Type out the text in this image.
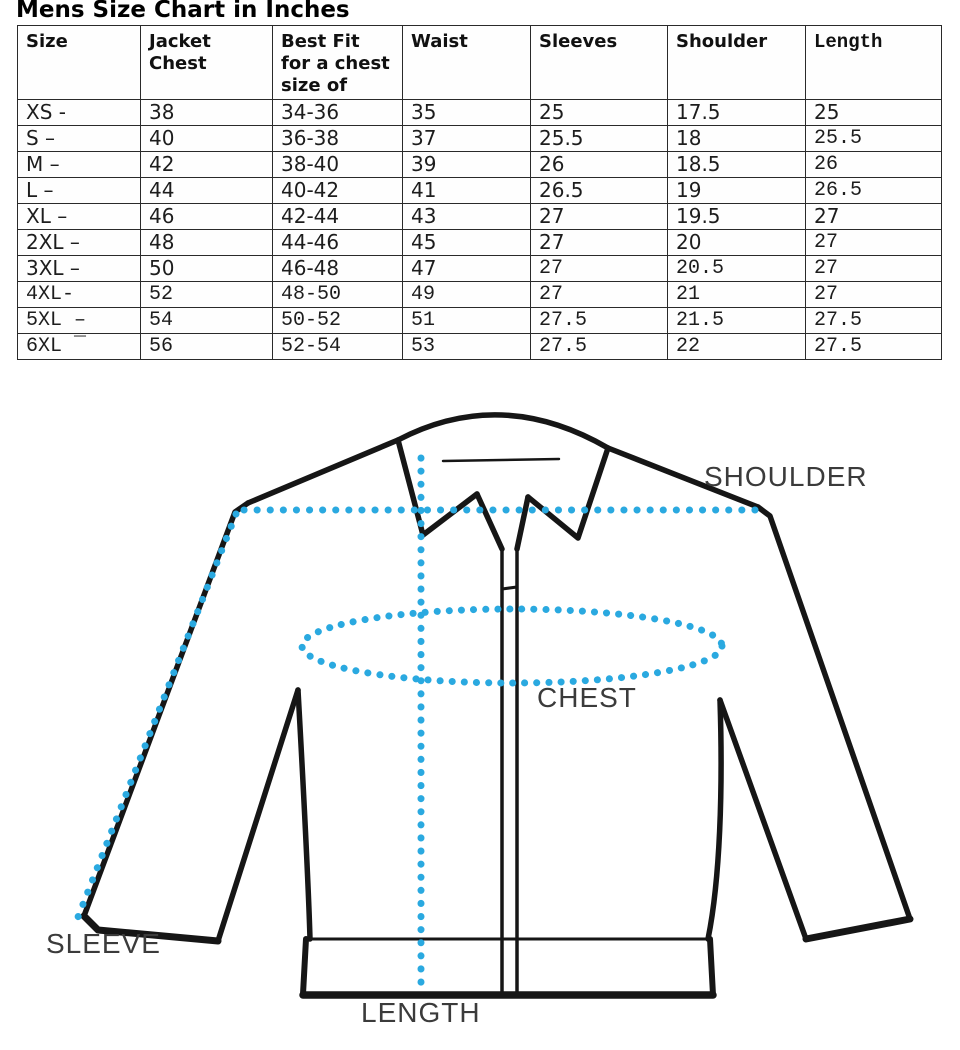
Mens Size Chart in Inches
Size	Jacket Chest	Best Fit for a chest size of	Waist	Sleeves	Shoulder	Length
XS -	38	34-36	35	25	17.5	25
S –	40	36-38	37	25.5	18	25.5
M –	42	38-40	39	26	18.5	26
L –	44	40-42	41	26.5	19	26.5
XL –	46	42-44	43	27	19.5	27
2XL –	48	44-46	45	27	20	27
3XL –	50	46-48	47	27	20.5	27
4XL-	52	48-50	49	27	21	27
5XL –	54	50-52	51	27.5	21.5	27.5
6XL ‾	56	52-54	53	27.5	22	27.5
SHOULDER
CHEST
SLEEVE
LENGTH
